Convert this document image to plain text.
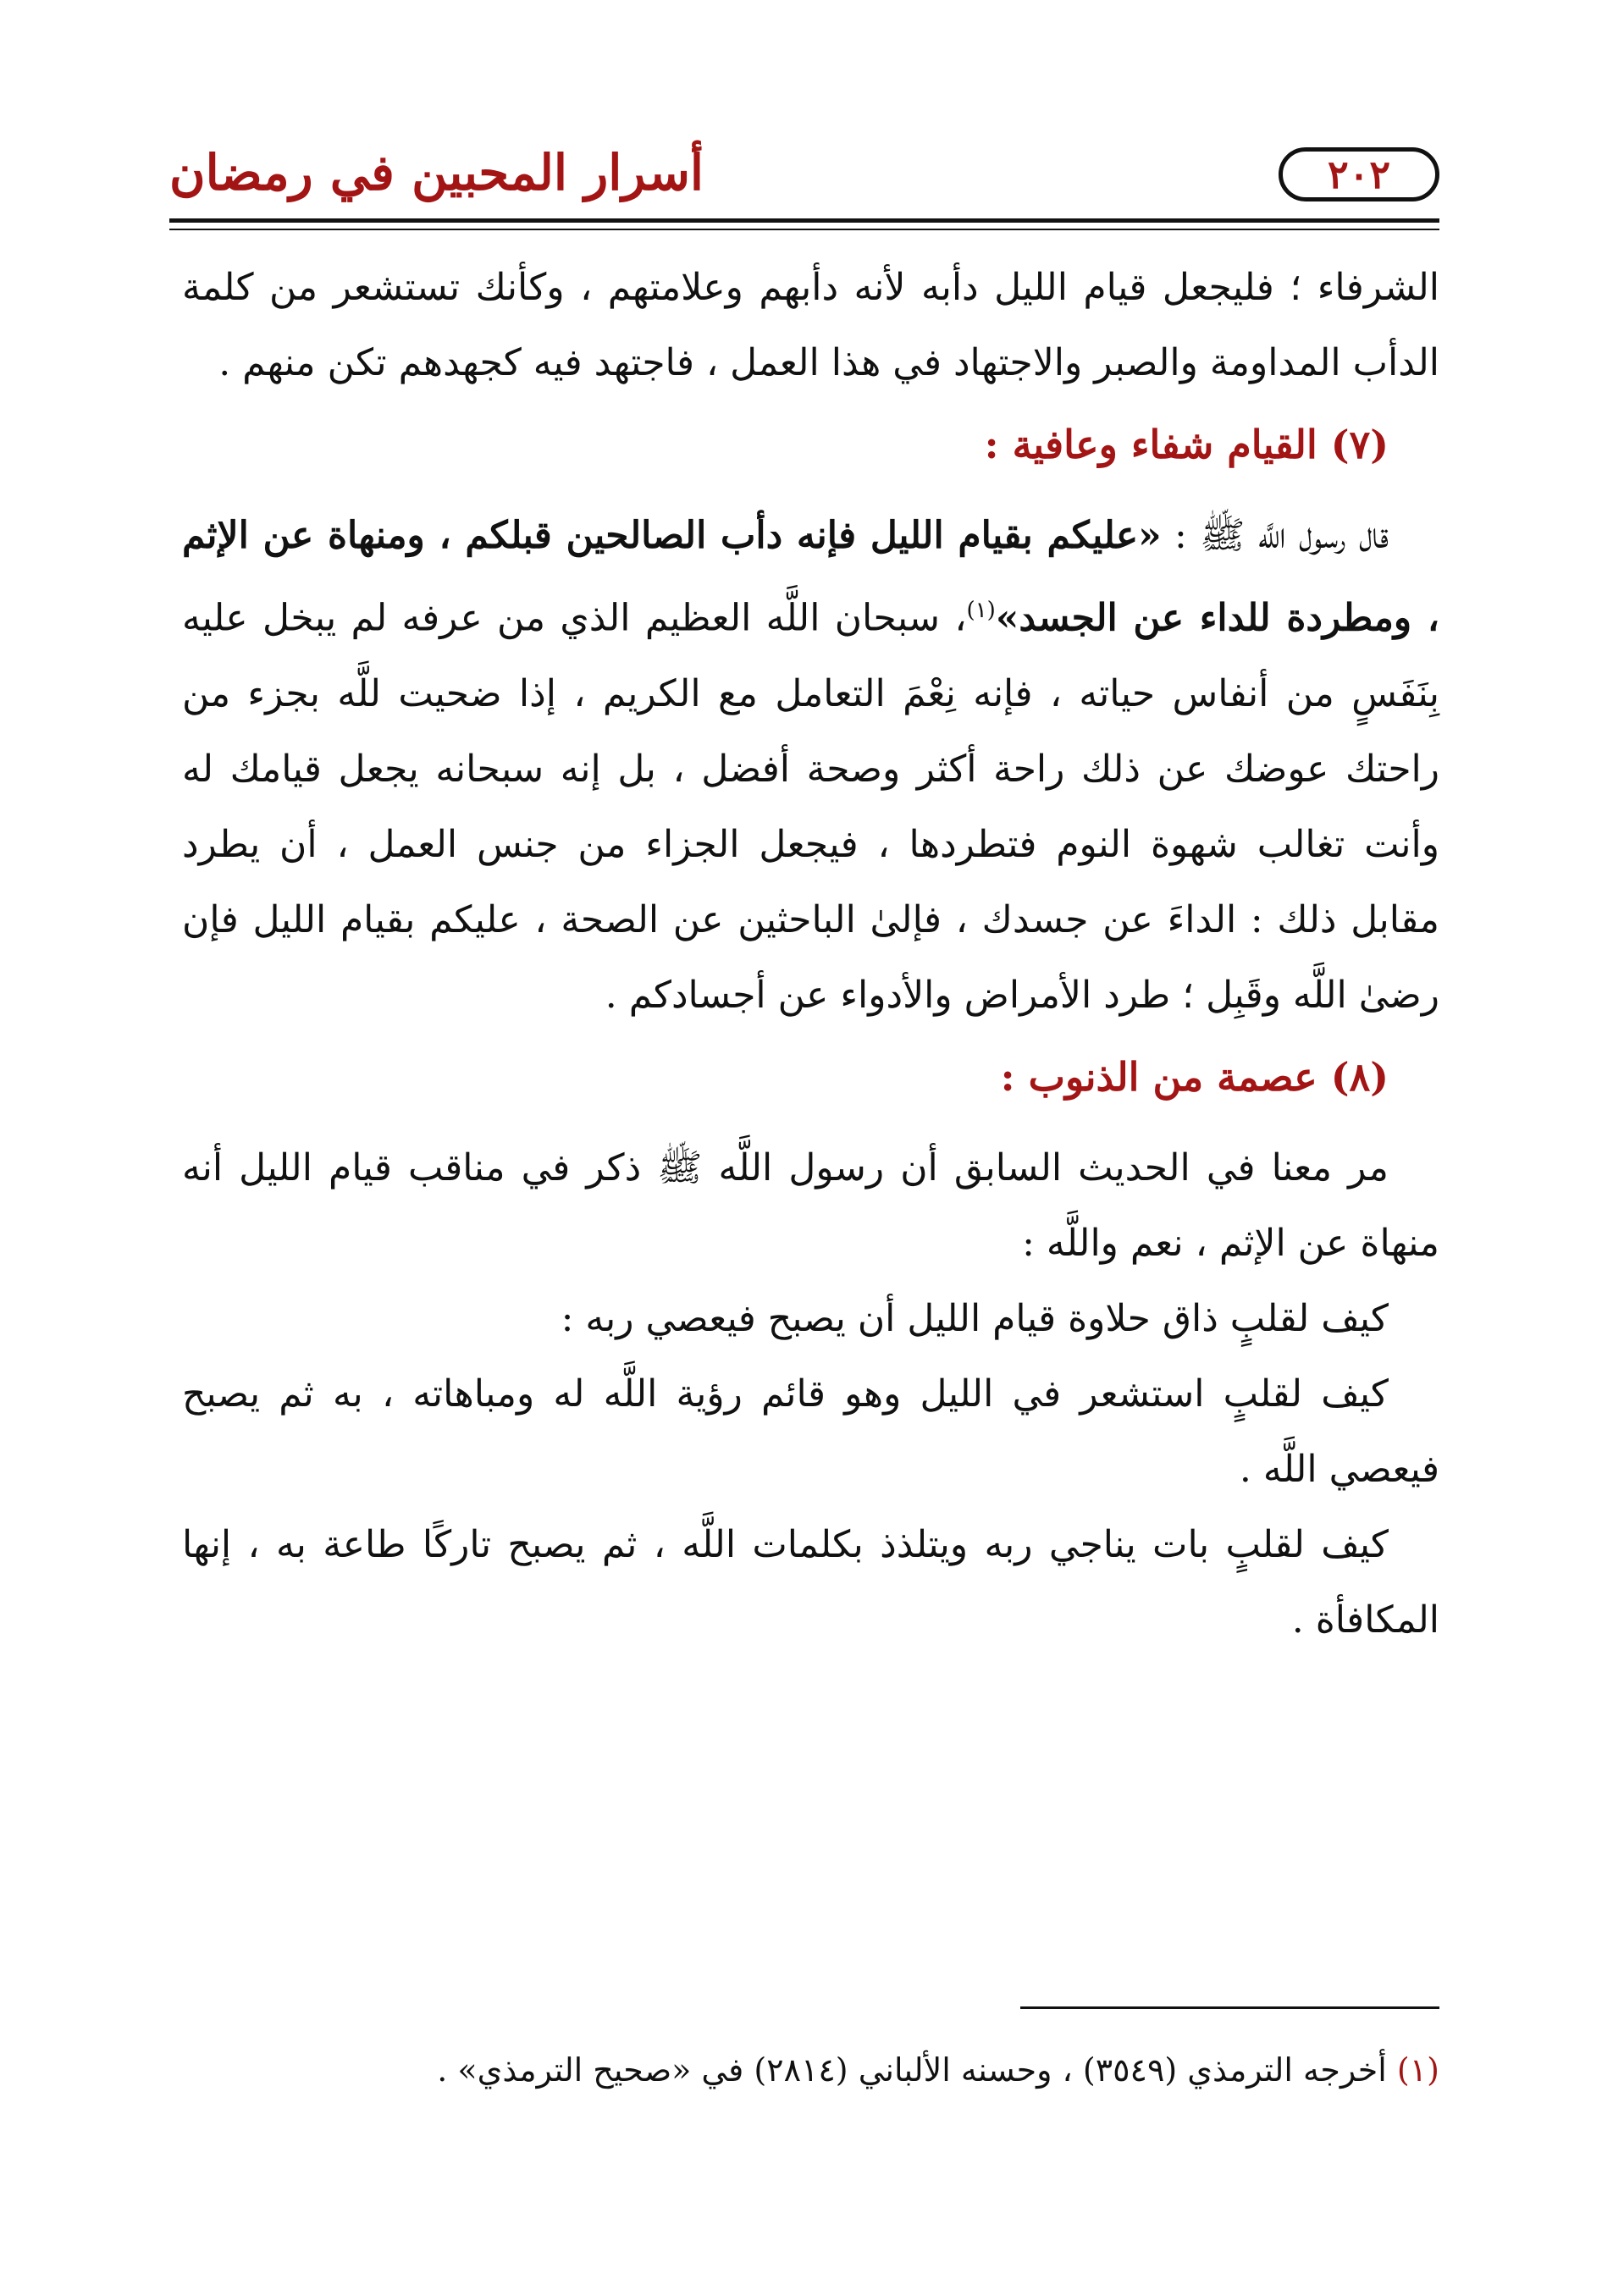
أسرار المحبين في رمضان	٢٠٢

الشرفاء ؛ فليجعل قيام الليل دأبه لأنه دأبهم وعلامتهم ، وكأنك تستشعر من كلمة الدأب المداومة والصبر والاجتهاد في هذا العمل ، فاجتهد فيه كجهدهم تكن منهم .

(٧) القيام شفاء وعافية :

قال رسول اللَّه ﷺ : «عليكم بقيام الليل فإنه دأب الصالحين قبلكم ، ومنهاة عن الإثم ، ومطردة للداء عن الجسد»$^{(١)}$، سبحان اللَّه العظيم الذي من عرفه لم يبخل عليه بِنَفَسٍ من أنفاس حياته ، فإنه نِعْمَ التعامل مع الكريم ، إذا ضحيت للَّه بجزء من راحتك عوضك عن ذلك راحة أكثر وصحة أفضل ، بل إنه سبحانه يجعل قيامك له وأنت تغالب شهوة النوم فتطردها ، فيجعل الجزاء من جنس العمل ، أن يطرد مقابل ذلك : الداءَ عن جسدك ، فإلىٰ الباحثين عن الصحة ، عليكم بقيام الليل فإن رضىٰ اللَّه وقَبِل ؛ طرد الأمراض والأدواء عن أجسادكم .

(٨) عصمة من الذنوب :

مر معنا في الحديث السابق أن رسول اللَّه ﷺ ذكر في مناقب قيام الليل أنه منهاة عن الإثم ، نعم واللَّه :

كيف لقلبٍ ذاق حلاوة قيام الليل أن يصبح فيعصي ربه :

كيف لقلبٍ استشعر في الليل وهو قائم رؤية اللَّه له ومباهاته ، به ثم يصبح فيعصي اللَّه .

كيف لقلبٍ بات يناجي ربه ويتلذذ بكلمات اللَّه ، ثم يصبح تاركًا طاعة به ، إنها المكافأة .

(١) أخرجه الترمذي (٣٥٤٩) ، وحسنه الألباني (٢٨١٤) في «صحيح الترمذي» .
